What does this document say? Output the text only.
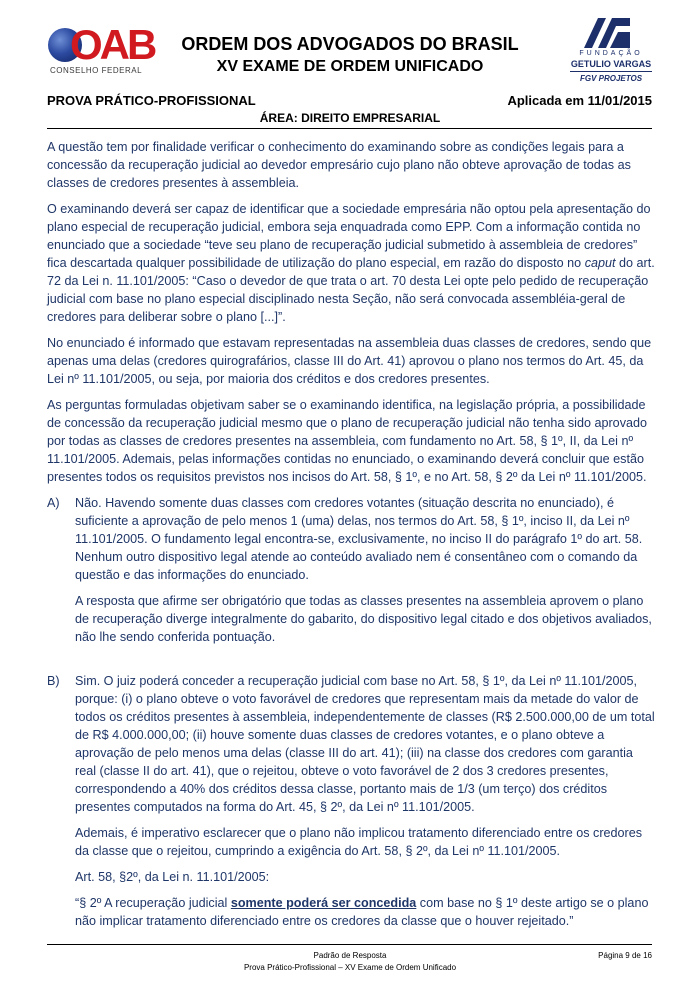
OAB
CONSELHO FEDERAL
ORDEM DOS ADVOGADOS DO BRASIL
XV EXAME DE ORDEM UNIFICADO
FUNDAÇÃO
GETULIO VARGAS
FGV PROJETOS
PROVA PRÁTICO-PROFISSIONAL	Aplicada em 11/01/2015
ÁREA: DIREITO EMPRESARIAL

A questão tem por finalidade verificar o conhecimento do examinando sobre as condições legais para a concessão da recuperação judicial ao devedor empresário cujo plano não obteve aprovação de todas as classes de credores presentes à assembleia.

O examinando deverá ser capaz de identificar que a sociedade empresária não optou pela apresentação do plano especial de recuperação judicial, embora seja enquadrada como EPP. Com a informação contida no enunciado que a sociedade “teve seu plano de recuperação judicial submetido à assembleia de credores” fica descartada qualquer possibilidade de utilização do plano especial, em razão do disposto no caput do art. 72 da Lei n. 11.101/2005: “Caso o devedor de que trata o art. 70 desta Lei opte pelo pedido de recuperação judicial com base no plano especial disciplinado nesta Seção, não será convocada assembléia-geral de credores para deliberar sobre o plano [...]”.

No enunciado é informado que estavam representadas na assembleia duas classes de credores, sendo que apenas uma delas (credores quirografários, classe III do Art. 41) aprovou o plano nos termos do Art. 45, da Lei nº 11.101/2005, ou seja, por maioria dos créditos e dos credores presentes.

As perguntas formuladas objetivam saber se o examinando identifica, na legislação própria, a possibilidade de concessão da recuperação judicial mesmo que o plano de recuperação judicial não tenha sido aprovado por todas as classes de credores presentes na assembleia, com fundamento no Art. 58, § 1º, II, da Lei nº 11.101/2005. Ademais, pelas informações contidas no enunciado, o examinando deverá concluir que estão presentes todos os requisitos previstos nos incisos do Art. 58, § 1º, e no Art. 58, § 2º da Lei nº 11.101/2005.

A) Não. Havendo somente duas classes com credores votantes (situação descrita no enunciado), é suficiente a aprovação de pelo menos 1 (uma) delas, nos termos do Art. 58, § 1º, inciso II, da Lei nº 11.101/2005. O fundamento legal encontra-se, exclusivamente, no inciso II do parágrafo 1º do art. 58. Nenhum outro dispositivo legal atende ao conteúdo avaliado nem é consentâneo com o comando da questão e das informações do enunciado.

A resposta que afirme ser obrigatório que todas as classes presentes na assembleia aprovem o plano de recuperação diverge integralmente do gabarito, do dispositivo legal citado e dos objetivos avaliados, não lhe sendo conferida pontuação.

B) Sim. O juiz poderá conceder a recuperação judicial com base no Art. 58, § 1º, da Lei nº 11.101/2005, porque: (i) o plano obteve o voto favorável de credores que representam mais da metade do valor de todos os créditos presentes à assembleia, independentemente de classes (R$ 2.500.000,00 de um total de R$ 4.000.000,00; (ii) houve somente duas classes de credores votantes, e o plano obteve a aprovação de pelo menos uma delas (classe III do art. 41); (iii) na classe dos credores com garantia real (classe II do art. 41), que o rejeitou, obteve o voto favorável de 2 dos 3 credores presentes, correspondendo a 40% dos créditos dessa classe, portanto mais de 1/3 (um terço) dos créditos presentes computados na forma do Art. 45, § 2º, da Lei nº 11.101/2005.

Ademais, é imperativo esclarecer que o plano não implicou tratamento diferenciado entre os credores da classe que o rejeitou, cumprindo a exigência do Art. 58, § 2º, da Lei nº 11.101/2005.

Art. 58, §2º, da Lei n. 11.101/2005:

“§ 2º A recuperação judicial somente poderá ser concedida com base no § 1º deste artigo se o plano não implicar tratamento diferenciado entre os credores da classe que o houver rejeitado.”

Padrão de Resposta
Prova Prático-Profissional – XV Exame de Ordem Unificado
Página 9 de 16
